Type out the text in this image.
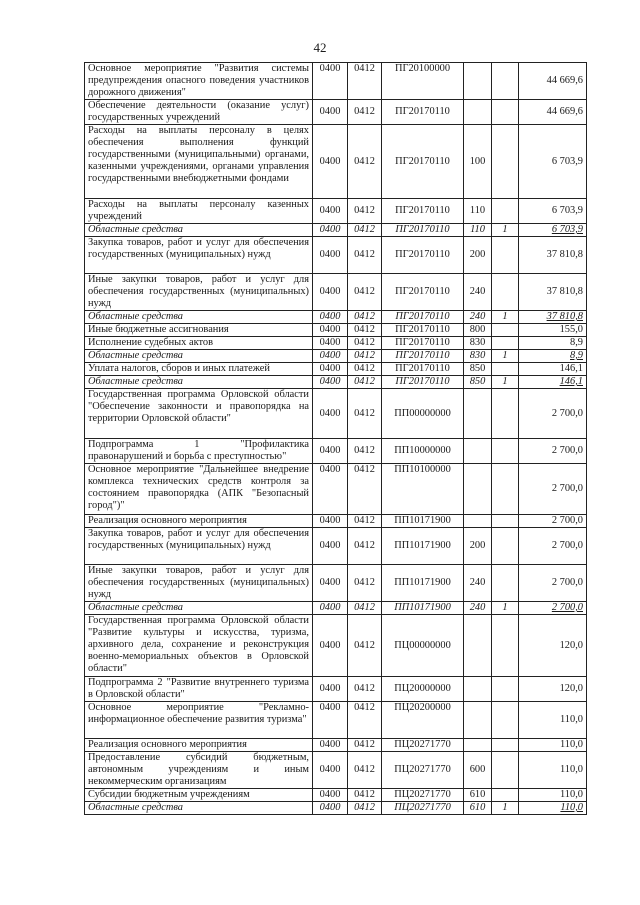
42
Основное мероприятие "Развития системы предупреждения опасного поведения участников дорожного движения"	0400	0412	ПГ20100000			44 669,6
Обеспечение деятельности (оказание услуг) государственных учреждений	0400	0412	ПГ20170110			44 669,6
Расходы на выплаты персоналу в целях обеспечения выполнения функций государственными (муниципальными) органами, казенными учреждениями, органами управления государственными внебюджетными фондами	0400	0412	ПГ20170110	100		6 703,9
Расходы на выплаты персоналу казенных учреждений	0400	0412	ПГ20170110	110		6 703,9
Областные средства	0400	0412	ПГ20170110	110	1	6 703,9
Закупка товаров, работ и услуг для обеспечения государственных (муниципальных) нужд	0400	0412	ПГ20170110	200		37 810,8
Иные закупки товаров, работ и услуг для обеспечения государственных (муниципальных) нужд	0400	0412	ПГ20170110	240		37 810,8
Областные средства	0400	0412	ПГ20170110	240	1	37 810,8
Иные бюджетные ассигнования	0400	0412	ПГ20170110	800		155,0
Исполнение судебных актов	0400	0412	ПГ20170110	830		8,9
Областные средства	0400	0412	ПГ20170110	830	1	8,9
Уплата налогов, сборов и иных платежей	0400	0412	ПГ20170110	850		146,1
Областные средства	0400	0412	ПГ20170110	850	1	146,1
Государственная программа Орловской области "Обеспечение законности и правопорядка на территории Орловской области"	0400	0412	ПП00000000			2 700,0
Подпрограмма 1 "Профилактика правонарушений и борьба с преступностью"	0400	0412	ПП10000000			2 700,0
Основное мероприятие "Дальнейшее внедрение комплекса технических средств контроля за состоянием правопорядка (АПК "Безопасный город")"	0400	0412	ПП10100000			2 700,0
Реализация основного мероприятия	0400	0412	ПП10171900			2 700,0
Закупка товаров, работ и услуг для обеспечения государственных (муниципальных) нужд	0400	0412	ПП10171900	200		2 700,0
Иные закупки товаров, работ и услуг для обеспечения государственных (муниципальных) нужд	0400	0412	ПП10171900	240		2 700,0
Областные средства	0400	0412	ПП10171900	240	1	2 700,0
Государственная программа Орловской области "Развитие культуры и искусства, туризма, архивного дела, сохранение и реконструкция военно-мемориальных объектов в Орловской области"	0400	0412	ПЦ00000000			120,0
Подпрограмма 2 "Развитие внутреннего туризма в Орловской области"	0400	0412	ПЦ20000000			120,0
Основное мероприятие "Рекламно-информационное обеспечение развития туризма"	0400	0412	ПЦ20200000			110,0
Реализация основного мероприятия	0400	0412	ПЦ20271770			110,0
Предоставление субсидий бюджетным, автономным учреждениям и иным некоммерческим организациям	0400	0412	ПЦ20271770	600		110,0
Субсидии бюджетным учреждениям	0400	0412	ПЦ20271770	610		110,0
Областные средства	0400	0412	ПЦ20271770	610	1	110,0
